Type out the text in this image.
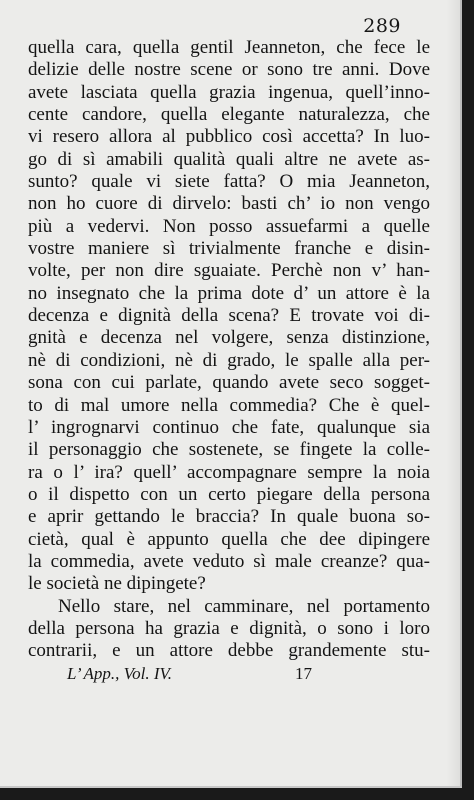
289
quella cara, quella gentil Jeanneton, che fece le
delizie delle nostre scene or sono tre anni. Dove
avete lasciata quella grazia ingenua, quell’inno-
cente candore, quella elegante naturalezza, che
vi resero allora al pubblico così accetta? In luo-
go di sì amabili qualità quali altre ne avete as-
sunto? quale vi siete fatta? O mia Jeanneton,
non ho cuore di dirvelo: basti ch’ io non vengo
più a vedervi. Non posso assuefarmi a quelle
vostre maniere sì trivialmente franche e disin-
volte, per non dire sguaiate. Perchè non v’ han-
no insegnato che la prima dote d’ un attore è la
decenza e dignità della scena? E trovate voi di-
gnità e decenza nel volgere, senza distinzione,
nè di condizioni, nè di grado, le spalle alla per-
sona con cui parlate, quando avete seco sogget-
to di mal umore nella commedia? Che è quel-
l’ ingrognarvi continuo che fate, qualunque sia
il personaggio che sostenete, se fingete la colle-
ra o l’ ira? quell’ accompagnare sempre la noia
o il dispetto con un certo piegare della persona
e aprir gettando le braccia? In quale buona so-
cietà, qual è appunto quella che dee dipingere
la commedia, avete veduto sì male creanze? qua-
le società ne dipingete?
Nello stare, nel camminare, nel portamento
della persona ha grazia e dignità, o sono i loro
contrarii, e un attore debbe grandemente stu-
L’ App., Vol. IV.	17
